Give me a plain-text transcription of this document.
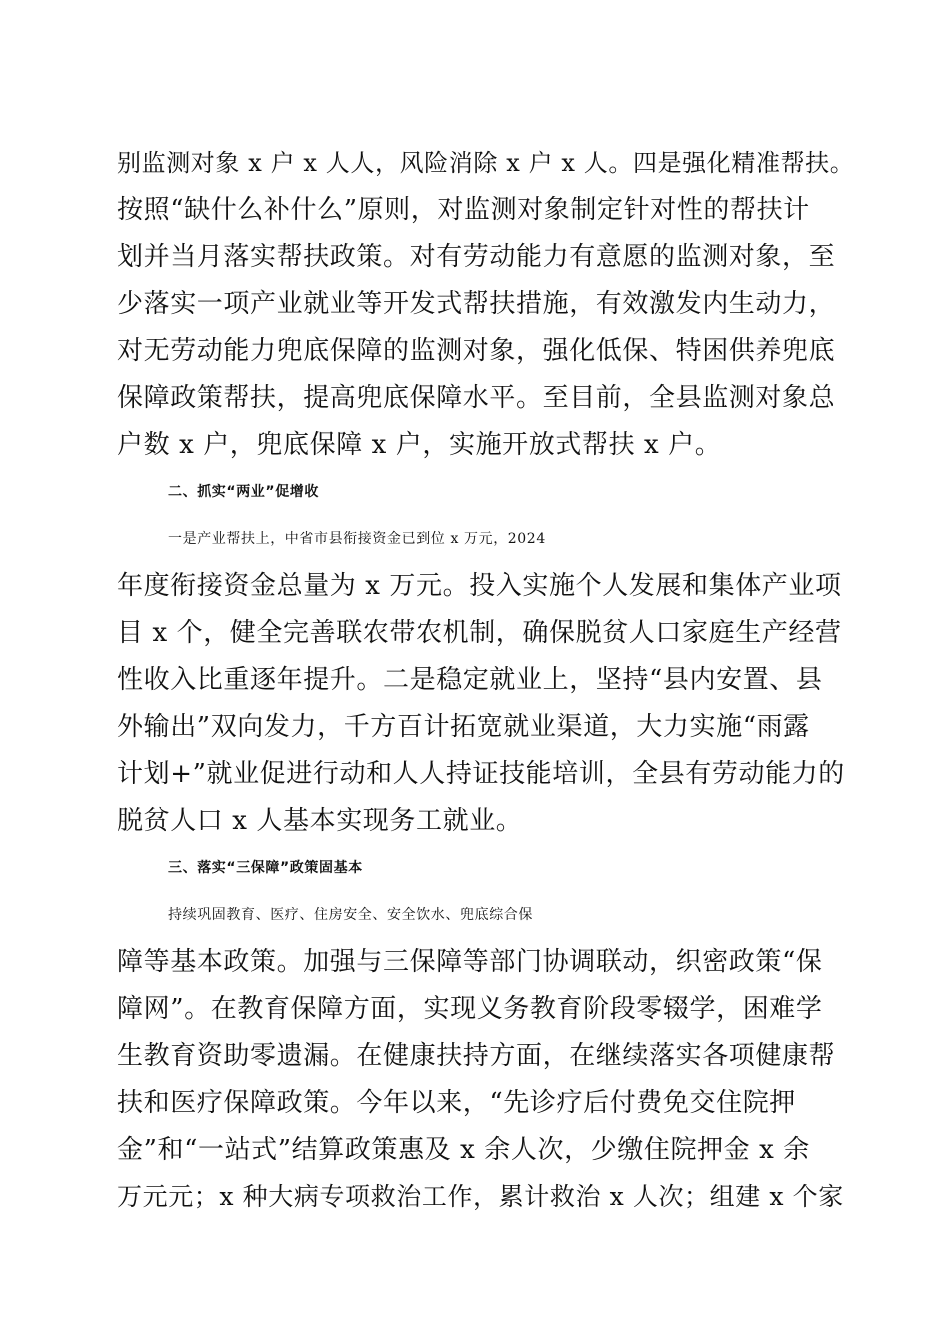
别监测对象 x 户 x 人人，风险消除 x 户 x 人。四是强化精准帮扶。
按照“缺什么补什么”原则，对监测对象制定针对性的帮扶计
划并当月落实帮扶政策。对有劳动能力有意愿的监测对象，至
少落实一项产业就业等开发式帮扶措施，有效激发内生动力，
对无劳动能力兜底保障的监测对象，强化低保、特困供养兜底
保障政策帮扶，提高兜底保障水平。至目前，全县监测对象总
户数 x 户，兜底保障 x 户，实施开放式帮扶 x 户。
二、抓实“两业”促增收
一是产业帮扶上，中省市县衔接资金已到位 x 万元，2024
年度衔接资金总量为 x 万元。投入实施个人发展和集体产业项
目 x 个，健全完善联农带农机制，确保脱贫人口家庭生产经营
性收入比重逐年提升。二是稳定就业上，坚持“县内安置、县
外输出”双向发力，千方百计拓宽就业渠道，大力实施“雨露
计划+”就业促进行动和人人持证技能培训，全县有劳动能力的
脱贫人口 x 人基本实现务工就业。
三、落实“三保障”政策固基本
持续巩固教育、医疗、住房安全、安全饮水、兜底综合保
障等基本政策。加强与三保障等部门协调联动，织密政策“保
障网”。在教育保障方面，实现义务教育阶段零辍学，困难学
生教育资助零遗漏。在健康扶持方面，在继续落实各项健康帮
扶和医疗保障政策。今年以来，“先诊疗后付费免交住院押
金”和“一站式”结算政策惠及 x 余人次，少缴住院押金 x 余
万元元；x 种大病专项救治工作，累计救治 x 人次；组建 x 个家
